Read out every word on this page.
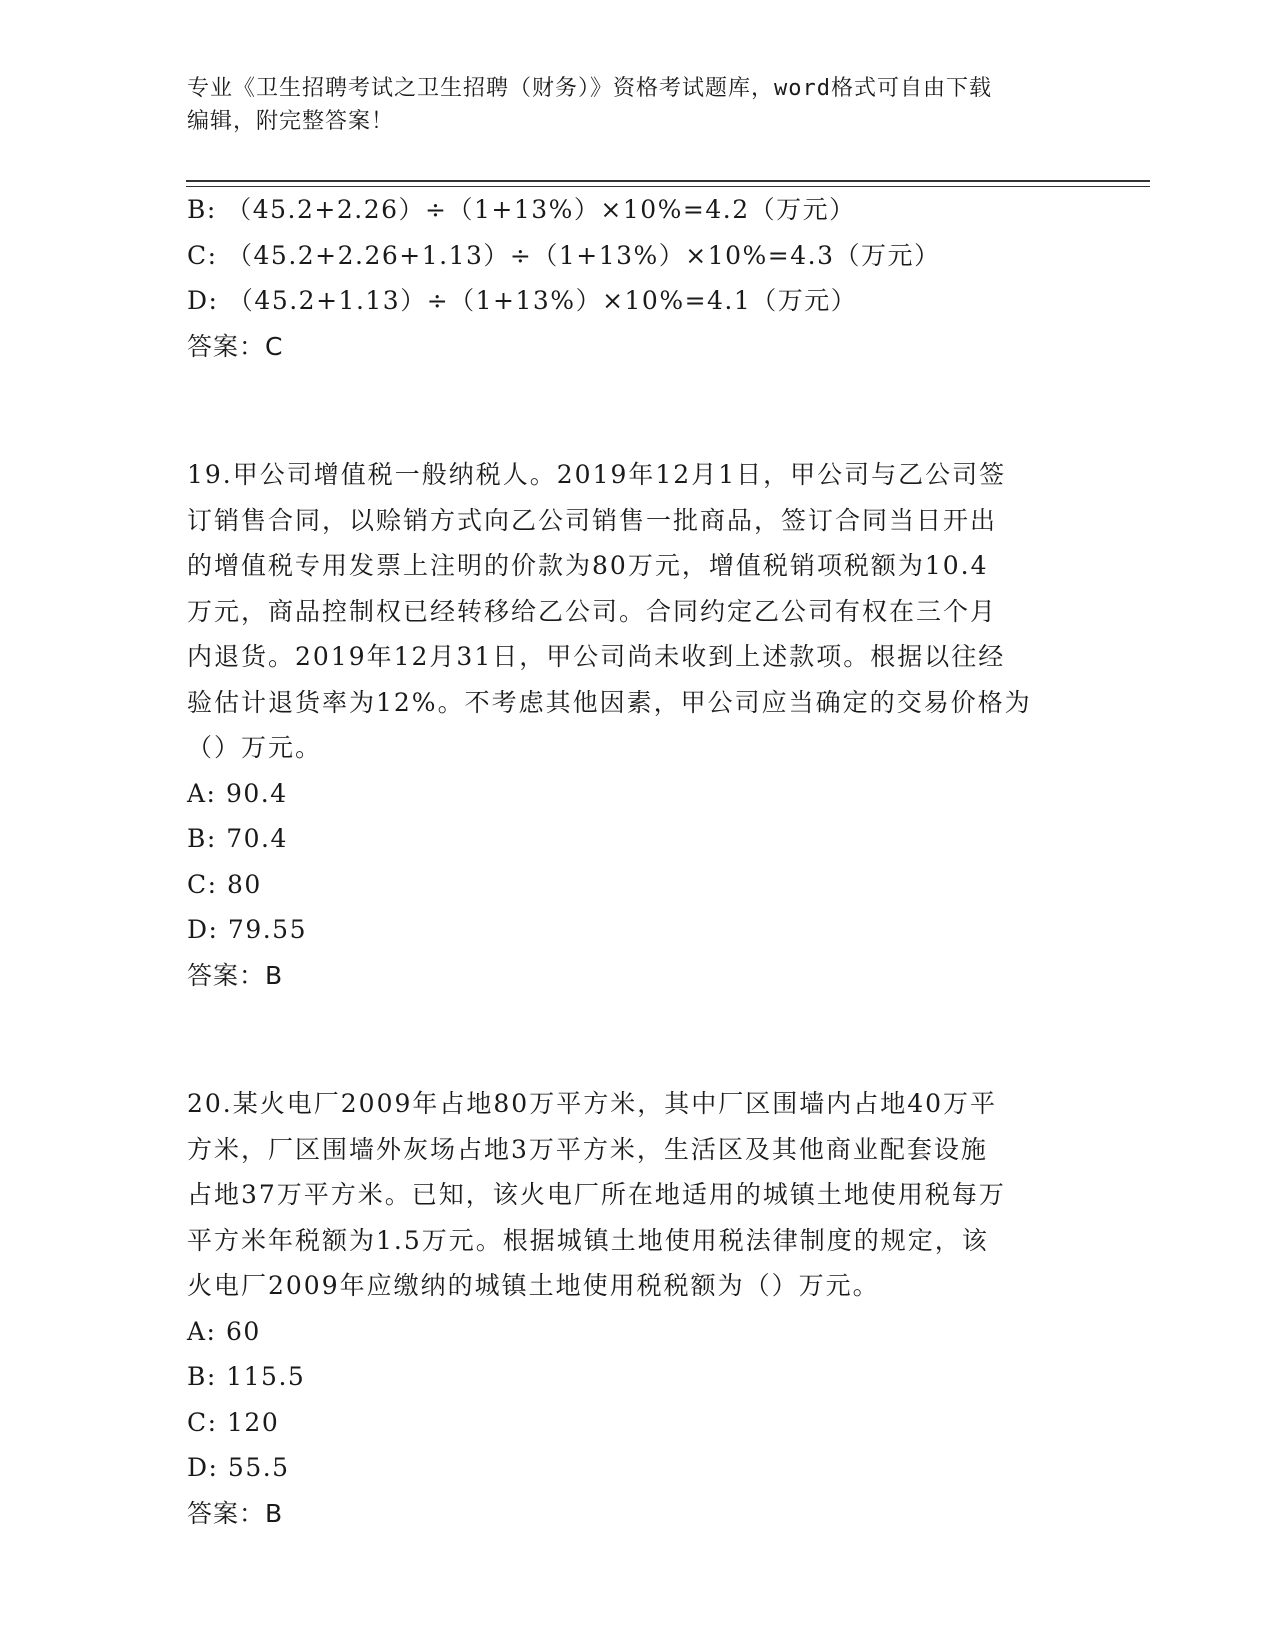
专业《卫生招聘考试之卫生招聘（财务）》资格考试题库，word格式可自由下载
编辑，附完整答案！
B: （45.2+2.26）÷（1+13%）×10%=4.2（万元）
C: （45.2+2.26+1.13）÷（1+13%）×10%=4.3（万元）
D: （45.2+1.13）÷（1+13%）×10%=4.1（万元）
答案：C
19.甲公司增值税一般纳税人。2019年12月1日，甲公司与乙公司签
订销售合同，以赊销方式向乙公司销售一批商品，签订合同当日开出
的增值税专用发票上注明的价款为80万元，增值税销项税额为10.4
万元，商品控制权已经转移给乙公司。合同约定乙公司有权在三个月
内退货。2019年12月31日，甲公司尚未收到上述款项。根据以往经
验估计退货率为12%。不考虑其他因素，甲公司应当确定的交易价格为
（）万元。
A: 90.4
B: 70.4
C: 80
D: 79.55
答案：B
20.某火电厂2009年占地80万平方米，其中厂区围墙内占地40万平
方米，厂区围墙外灰场占地3万平方米，生活区及其他商业配套设施
占地37万平方米。已知，该火电厂所在地适用的城镇土地使用税每万
平方米年税额为1.5万元。根据城镇土地使用税法律制度的规定，该
火电厂2009年应缴纳的城镇土地使用税税额为（）万元。
A: 60
B: 115.5
C: 120
D: 55.5
答案：B
